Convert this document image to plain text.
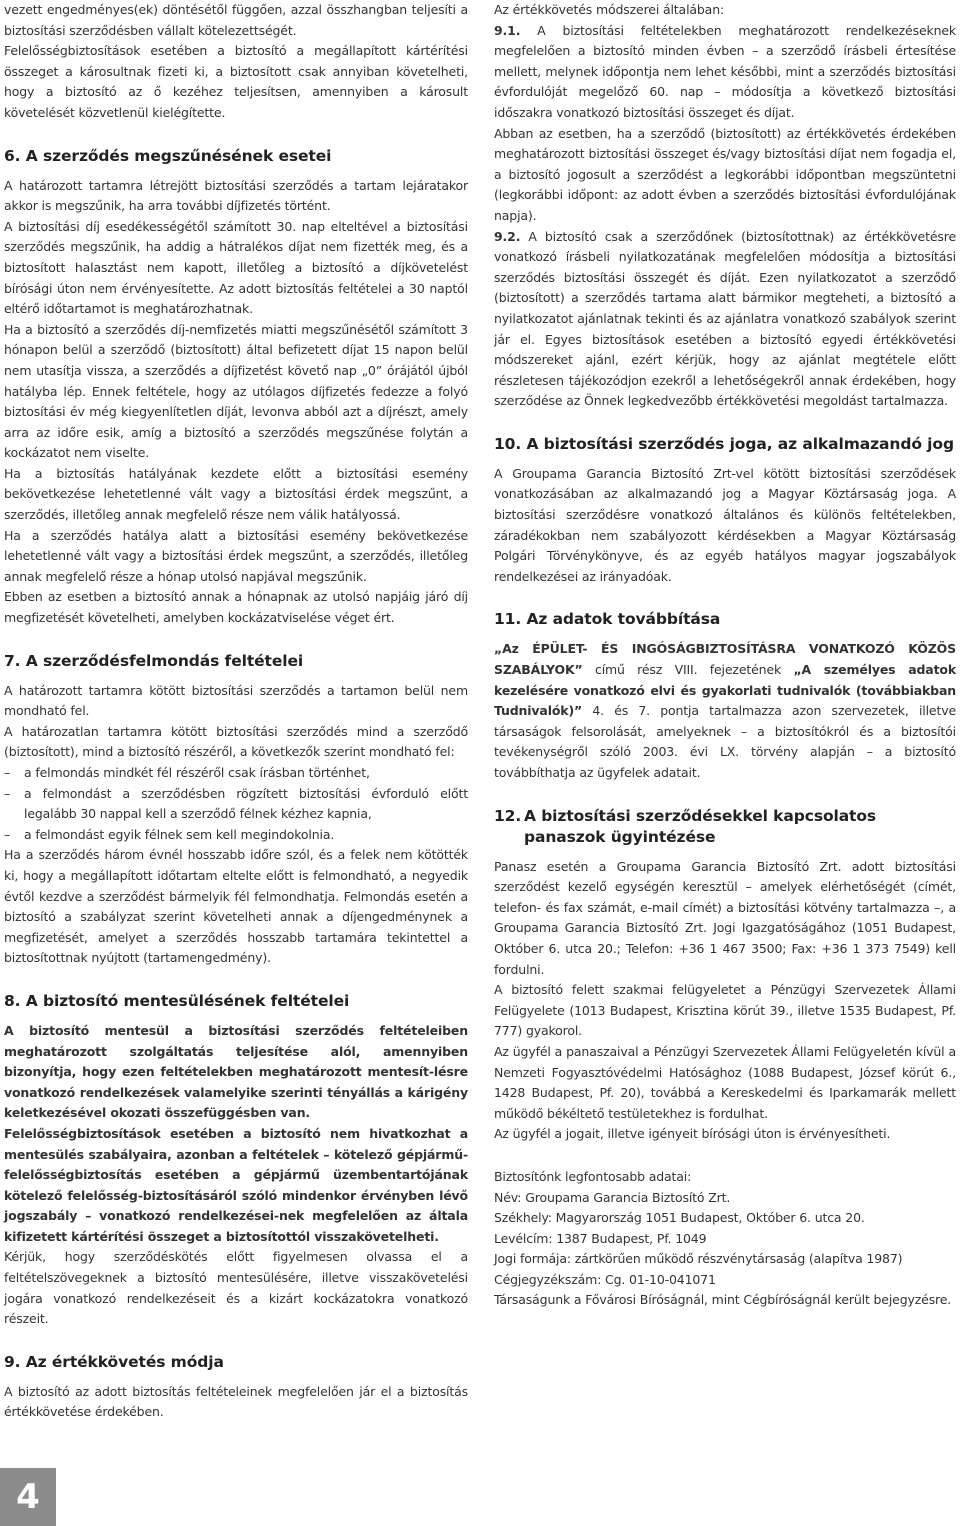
vezett engedményes(ek) döntésétől függően, azzal összhangban teljesíti a biztosítási szerződésben vállalt kötelezettségét.

Felelősségbiztosítások esetében a biztosító a megállapított kártérítési összeget a károsultnak fizeti ki, a biztosított csak annyiban követelheti, hogy a biztosító az ő kezéhez teljesítsen, amennyiben a károsult követelését közvetlenül kielégítette.

6. A szerződés megszűnésének esetei

A határozott tartamra létrejött biztosítási szerződés a tartam lejáratakor akkor is megszűnik, ha arra további díjfizetés történt.

A biztosítási díj esedékességétől számított 30. nap elteltével a biztosítási szerződés megszűnik, ha addig a hátralékos díjat nem fizették meg, és a biztosított halasztást nem kapott, illetőleg a biztosító a díjkövetelést bírósági úton nem érvényesítette. Az adott biztosítás feltételei a 30 naptól eltérő időtartamot is meghatározhatnak.

Ha a biztosító a szerződés díj-nemfizetés miatti megszűnésétől számított 3 hónapon belül a szerződő (biztosított) által befizetett díjat 15 napon belül nem utasítja vissza, a szerződés a díjfizetést követő nap „0” órájától újból hatályba lép. Ennek feltétele, hogy az utólagos díjfizetés fedezze a folyó biztosítási év még kiegyenlítetlen díját, levonva abból azt a díjrészt, amely arra az időre esik, amíg a biztosító a szerződés megszűnése folytán a kockázatot nem viselte.

Ha a biztosítás hatályának kezdete előtt a biztosítási esemény bekövetkezése lehetetlenné vált vagy a biztosítási érdek megszűnt, a szerződés, illetőleg annak megfelelő része nem válik hatályossá.

Ha a szerződés hatálya alatt a biztosítási esemény bekövetkezése lehetetlenné vált vagy a biztosítási érdek megszűnt, a szerződés, illetőleg annak megfelelő része a hónap utolsó napjával megszűnik.

Ebben az esetben a biztosító annak a hónapnak az utolsó napjáig járó díj megfizetését követelheti, amelyben kockázatviselése véget ért.

7. A szerződésfelmondás feltételei

A határozott tartamra kötött biztosítási szerződés a tartamon belül nem mondható fel.

A határozatlan tartamra kötött biztosítási szerződés mind a szerződő (biztosított), mind a biztosító részéről, a következők szerint mondható fel:

–	a felmondás mindkét fél részéről csak írásban történhet,
–	a felmondást a szerződésben rögzített biztosítási évforduló előtt legalább 30 nappal kell a szerződő félnek kézhez kapnia,
–	a felmondást egyik félnek sem kell megindokolnia.

Ha a szerződés három évnél hosszabb időre szól, és a felek nem kötötték ki, hogy a megállapított időtartam eltelte előtt is felmondható, a negyedik évtől kezdve a szerződést bármelyik fél felmondhatja. Felmondás esetén a biztosító a szabályzat szerint követelheti annak a díjengedménynek a megfizetését, amelyet a szerződés hosszabb tartamára tekintettel a biztosítottnak nyújtott (tartamengedmény).

8. A biztosító mentesülésének feltételei

A biztosító mentesül a biztosítási szerződés feltételeiben meghatározott szolgáltatás teljesítése alól, amennyiben bizonyítja, hogy ezen feltételekben meghatározott mentesít-lésre vonatkozó rendelkezések valamelyike szerinti tényállás a kárigény keletkezésével okozati összefüggésben van.

Felelősségbiztosítások esetében a biztosító nem hivatkozhat a mentesülés szabályaira, azonban a feltételek – kötelező gépjármű-felelősségbiztosítás esetében a gépjármű üzembentartójának kötelező felelősség-biztosításáról szóló mindenkor érvényben lévő jogszabály – vonatkozó rendelkezései-nek megfelelően az általa kifizetett kártérítési összeget a biztosítottól visszakövetelheti.

Kérjük, hogy szerződéskötés előtt figyelmesen olvassa el a feltételszövegeknek a biztosító mentesülésére, illetve visszakövetelési jogára vonatkozó rendelkezéseit és a kizárt kockázatokra vonatkozó részeit.

9. Az értékkövetés módja

A biztosító az adott biztosítás feltételeinek megfelelően jár el a biztosítás értékkövetése érdekében.

Az értékkövetés módszerei általában:

9.1. A biztosítási feltételekben meghatározott rendelkezéseknek megfelelően a biztosító minden évben – a szerződő írásbeli értesítése mellett, melynek időpontja nem lehet későbbi, mint a szerződés biztosítási évfordulóját megelőző 60. nap – módosítja a következő biztosítási időszakra vonatkozó biztosítási összeget és díjat.

Abban az esetben, ha a szerződő (biztosított) az értékkövetés érdekében meghatározott biztosítási összeget és/vagy biztosítási díjat nem fogadja el, a biztosító jogosult a szerződést a legkorábbi időpontban megszüntetni (legkorábbi időpont: az adott évben a szerződés biztosítási évfordulójának napja).

9.2. A biztosító csak a szerződőnek (biztosítottnak) az értékkövetésre vonatkozó írásbeli nyilatkozatának megfelelően módosítja a biztosítási szerződés biztosítási összegét és díját. Ezen nyilatkozatot a szerződő (biztosított) a szerződés tartama alatt bármikor megteheti, a biztosító a nyilatkozatot ajánlatnak tekinti és az ajánlatra vonatkozó szabályok szerint jár el. Egyes biztosítások esetében a biztosító egyedi értékkövetési módszereket ajánl, ezért kérjük, hogy az ajánlat megtétele előtt részletesen tájékozódjon ezekről a lehetőségekről annak érdekében, hogy szerződése az Önnek legkedvezőbb értékkövetési megoldást tartalmazza.

10. A biztosítási szerződés joga, az alkalmazandó jog

A Groupama Garancia Biztosító Zrt-vel kötött biztosítási szerződések vonatkozásában az alkalmazandó jog a Magyar Köztársaság joga. A biztosítási szerződésre vonatkozó általános és különös feltételekben, záradékokban nem szabályozott kérdésekben a Magyar Köztársaság Polgári Törvénykönyve, és az egyéb hatályos magyar jogszabályok rendelkezései az irányadóak.

11. Az adatok továbbítása

„Az ÉPÜLET- ÉS INGÓSÁGBIZTOSÍTÁSRA VONATKOZÓ KÖZÖS SZABÁLYOK” című rész VIII. fejezetének „A személyes adatok kezelésére vonatkozó elvi és gyakorlati tudnivalók (továbbiakban Tudnivalók)” 4. és 7. pontja tartalmazza azon szervezetek, illetve társaságok felsorolását, amelyeknek – a biztosítókról és a biztosítói tevékenységről szóló 2003. évi LX. törvény alapján – a biztosító továbbíthatja az ügyfelek adatait.

12. A biztosítási szerződésekkel kapcsolatos panaszok ügyintézése

Panasz esetén a Groupama Garancia Biztosító Zrt. adott biztosítási szerződést kezelő egységén keresztül – amelyek elérhetőségét (címét, telefon- és fax számát, e-mail címét) a biztosítási kötvény tartalmazza –, a Groupama Garancia Biztosító Zrt. Jogi Igazgatóságához (1051 Budapest, Október 6. utca 20.; Telefon: +36 1 467 3500; Fax: +36 1 373 7549) kell fordulni.

A biztosító felett szakmai felügyeletet a Pénzügyi Szervezetek Állami Felügyelete (1013 Budapest, Krisztina körút 39., illetve 1535 Budapest, Pf. 777) gyakorol.

Az ügyfél a panaszaival a Pénzügyi Szervezetek Állami Felügyeletén kívül a Nemzeti Fogyasztóvédelmi Hatósághoz (1088 Budapest, József körút 6., 1428 Budapest, Pf. 20), továbbá a Kereskedelmi és Iparkamarák mellett működő békéltető testületekhez is fordulhat.

Az ügyfél a jogait, illetve igényeit bírósági úton is érvényesítheti.

Biztosítónk legfontosabb adatai:

Név: Groupama Garancia Biztosító Zrt.

Székhely: Magyarország 1051 Budapest, Október 6. utca 20.

Levélcím: 1387 Budapest, Pf. 1049

Jogi formája: zártkörűen működő részvénytársaság (alapítva 1987)

Cégjegyzékszám: Cg. 01-10-041071

Társaságunk a Fővárosi Bíróságnál, mint Cégbíróságnál került bejegyzésre.

4
